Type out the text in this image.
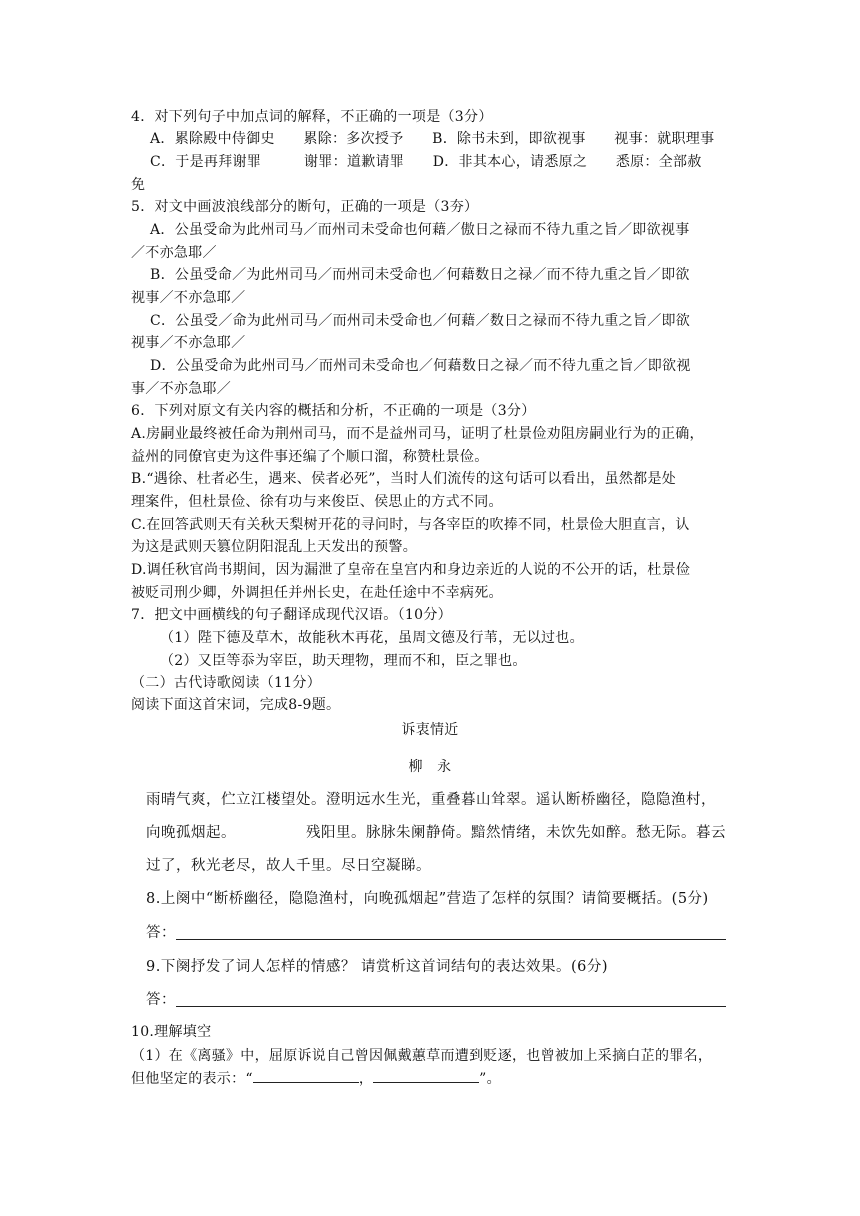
4．对下列句子中加点词的解释，不正确的一项是（3分）
A．累除殿中侍御史　　累除：多次授予　　B．除书未到，即欲视事　　视事：就职理事
C．于是再拜谢罪　　　谢罪：道歉请罪　　D．非其本心，请悉原之　　悉原：全部赦
免
5．对文中画波浪线部分的断句，正确的一项是（3夯）
A．公虽受命为此州司马／而州司未受命也何藉／傲日之禄而不待九重之旨／即欲视事
／不亦急耶／
B．公虽受命／为此州司马／而州司未受命也／何藉数日之禄／而不待九重之旨／即欲
视事／不亦急耶／
C．公虽受／命为此州司马／而州司未受命也／何藉／数日之禄而不待九重之旨／即欲
视事／不亦急耶／
D．公虽受命为此州司马／而州司未受命也／何藉数日之禄／而不待九重之旨／即欲视
事／不亦急耶／
6．下列对原文有关内容的概括和分析，不正确的一项是（3分）
A.房嗣业最终被任命为荆州司马，而不是益州司马，证明了杜景俭劝阻房嗣业行为的正确，
益州的同僚官吏为这件事还编了个顺口溜，称赞杜景俭。
B.“遇徐、杜者必生，遇来、侯者必死”，当时人们流传的这句话可以看出，虽然都是处
理案件，但杜景俭、徐有功与来俊臣、侯思止的方式不同。
C.在回答武则天有关秋天梨树开花的寻问时，与各宰臣的吹捧不同，杜景俭大胆直言，认
为这是武则天篡位阴阳混乱上天发出的预警。
D.调任秋官尚书期间，因为漏泄了皇帝在皇宫内和身边亲近的人说的不公开的话，杜景俭
被贬司刑少卿，外调担任并州长史，在赴任途中不幸病死。
7．把文中画横线的句子翻译成现代汉语。（10分）
（1）陛下德及草木，故能秋木再花，虽周文德及行苇，无以过也。
（2）又臣等忝为宰臣，助天理物，理而不和，臣之罪也。
（二）古代诗歌阅读（11分）
阅读下面这首宋词，完成8-9题。
诉衷情近
柳　永
雨晴气爽，伫立江楼望处。澄明远水生光，重叠暮山耸翠。遥认断桥幽径，隐隐渔村，
向晚孤烟起。	残阳里。脉脉朱阑静倚。黯然情绪，未饮先如醉。愁无际。暮云
过了，秋光老尽，故人千里。尽日空凝睇。
8.上阕中“断桥幽径，隐隐渔村，向晚孤烟起”营造了怎样的氛围？请简要概括。(5分)
答：
9.下阕抒发了词人怎样的情感？ 请赏析这首词结句的表达效果。(6分)
答：
10.理解填空
（1）在《离骚》中，屈原诉说自己曾因佩戴蕙草而遭到贬逐，也曾被加上采摘白芷的罪名，
但他坚定的表示：“	，	”。
